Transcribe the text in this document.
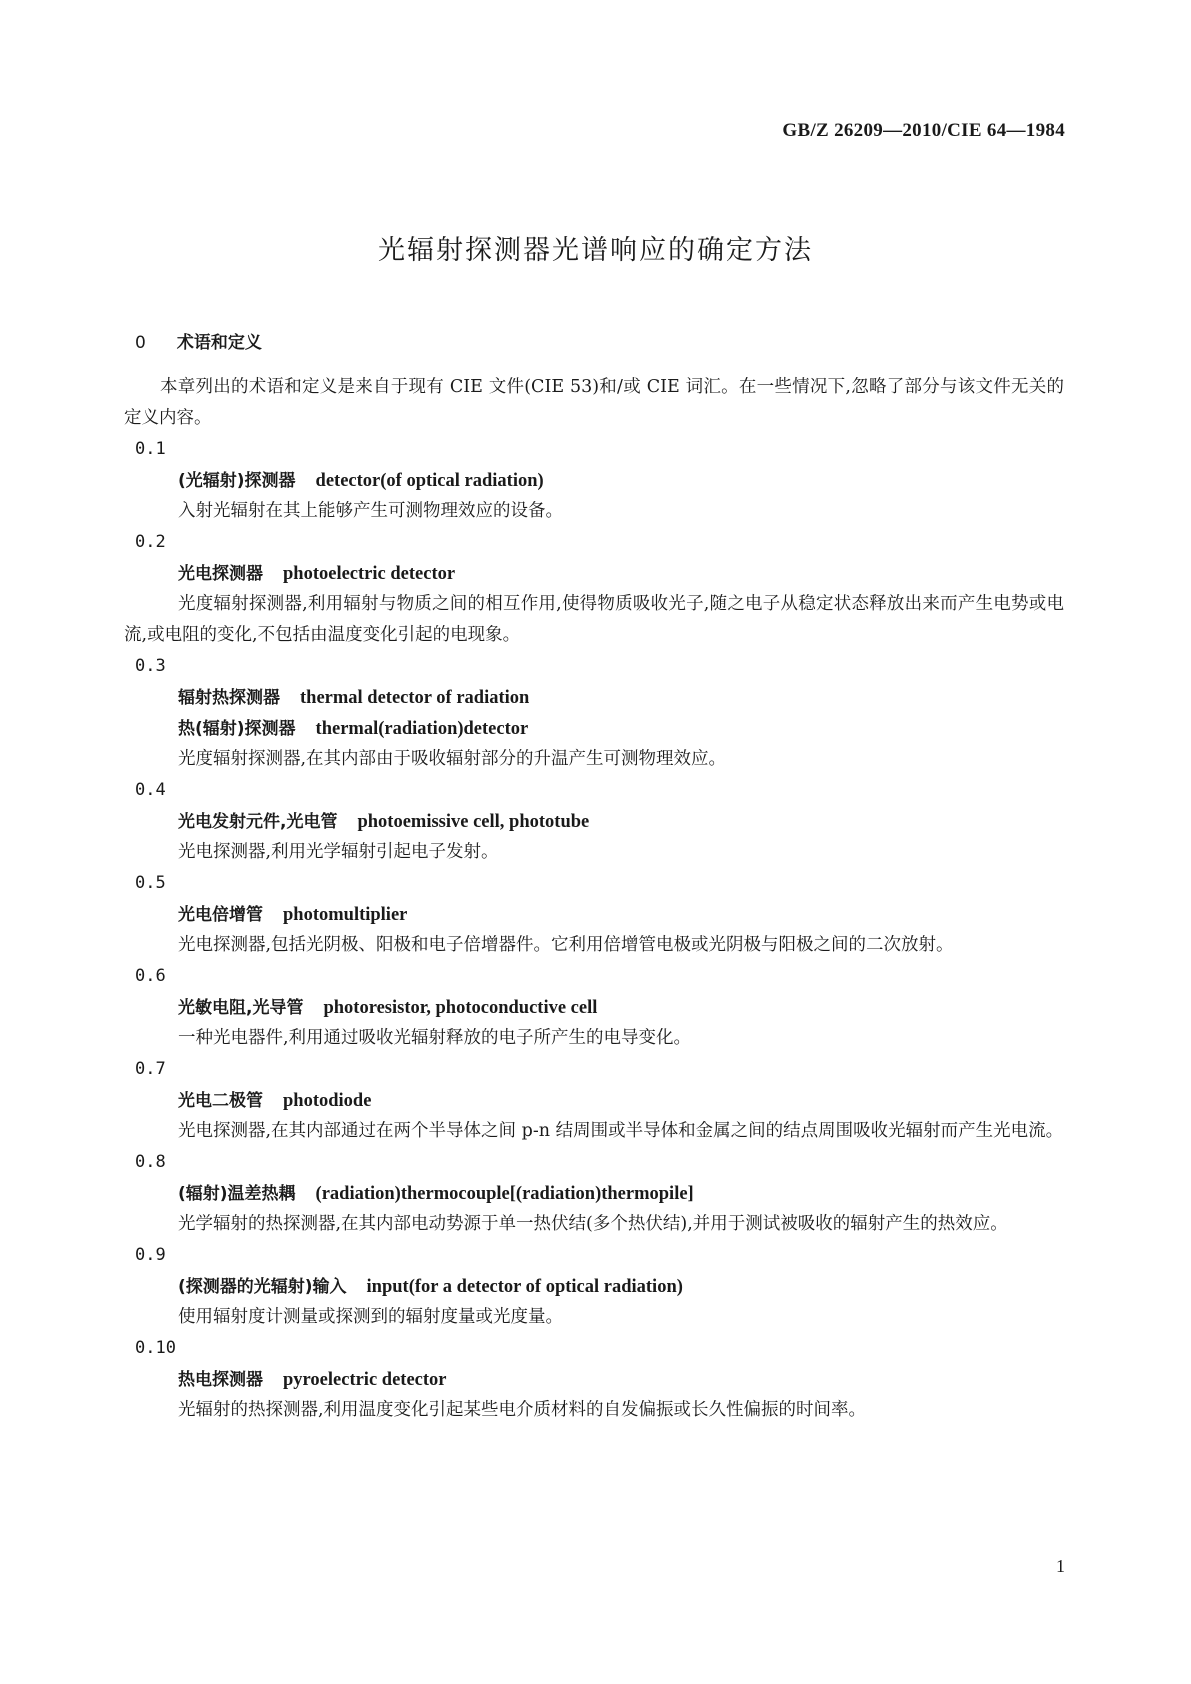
GB/Z 26209—2010/CIE 64—1984
光辐射探测器光谱响应的确定方法
0 术语和定义

本章列出的术语和定义是来自于现有 CIE 文件(CIE 53)和/或 CIE 词汇。在一些情况下,忽略了部分与该文件无关的定义内容。

0.1
(光辐射)探测器 detector(of optical radiation)

入射光辐射在其上能够产生可测物理效应的设备。

0.2
光电探测器 photoelectric detector

光度辐射探测器,利用辐射与物质之间的相互作用,使得物质吸收光子,随之电子从稳定状态释放出来而产生电势或电流,或电阻的变化,不包括由温度变化引起的电现象。

0.3
辐射热探测器 thermal detector of radiation
热(辐射)探测器 thermal(radiation)detector

光度辐射探测器,在其内部由于吸收辐射部分的升温产生可测物理效应。

0.4
光电发射元件,光电管 photoemissive cell, phototube

光电探测器,利用光学辐射引起电子发射。

0.5
光电倍增管 photomultiplier

光电探测器,包括光阴极、阳极和电子倍增器件。它利用倍增管电极或光阴极与阳极之间的二次放射。

0.6
光敏电阻,光导管 photoresistor, photoconductive cell

一种光电器件,利用通过吸收光辐射释放的电子所产生的电导变化。

0.7
光电二极管 photodiode

光电探测器,在其内部通过在两个半导体之间 p-n 结周围或半导体和金属之间的结点周围吸收光辐射而产生光电流。

0.8
(辐射)温差热耦 (radiation)thermocouple[(radiation)thermopile]

光学辐射的热探测器,在其内部电动势源于单一热伏结(多个热伏结),并用于测试被吸收的辐射产生的热效应。

0.9
(探测器的光辐射)输入 input(for a detector of optical radiation)

使用辐射度计测量或探测到的辐射度量或光度量。

0.10
热电探测器 pyroelectric detector

光辐射的热探测器,利用温度变化引起某些电介质材料的自发偏振或长久性偏振的时间率。

1
